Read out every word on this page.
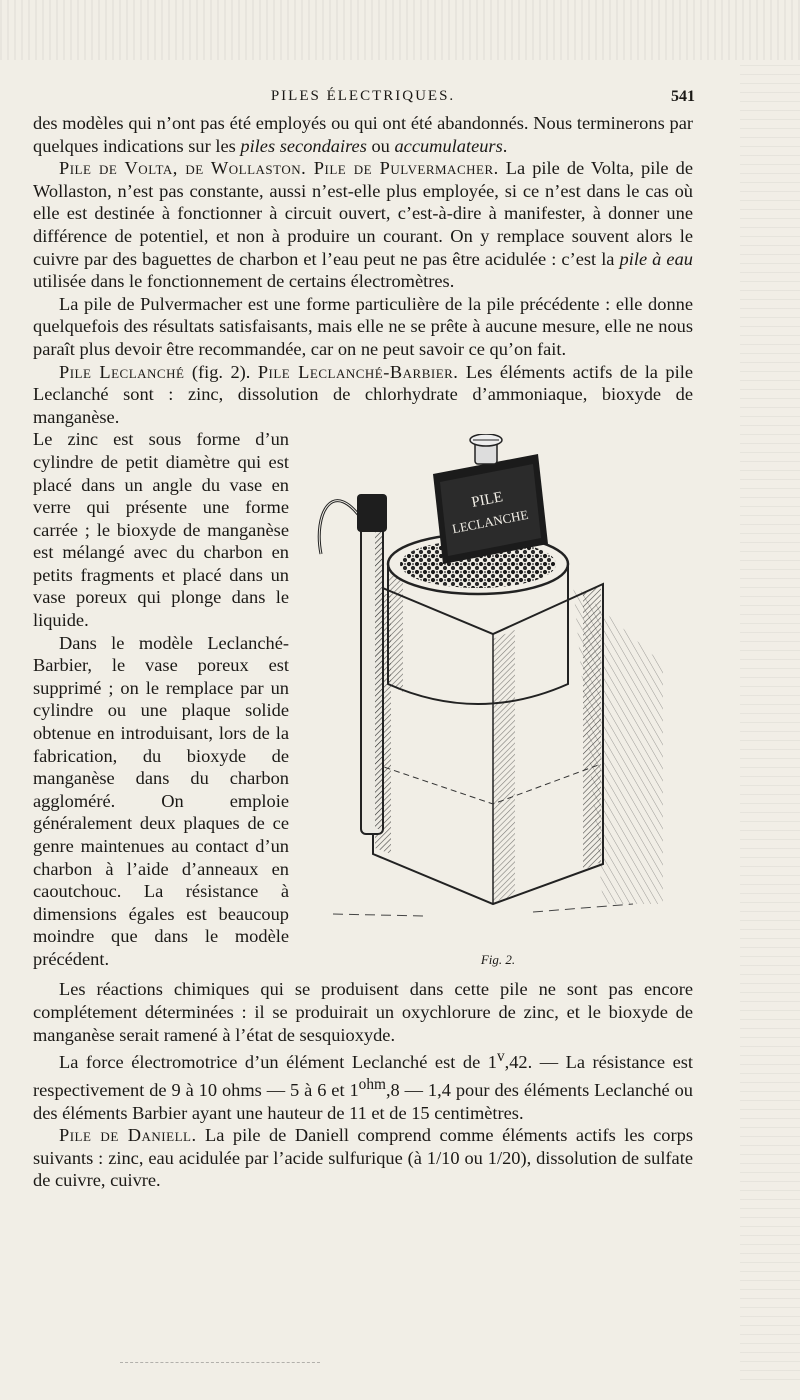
PILES ÉLECTRIQUES.	541

des modèles qui n’ont pas été employés ou qui ont été abandonnés. Nous terminerons par quelques indications sur les piles secondaires ou accumulateurs.

Pile de Volta, de Wollaston. Pile de Pulvermacher. La pile de Volta, pile de Wollaston, n’est pas constante, aussi n’est-elle plus employée, si ce n’est dans le cas où elle est destinée à fonctionner à circuit ouvert, c’est-à-dire à manifester, à donner une différence de potentiel, et non à produire un courant. On y remplace souvent alors le cuivre par des baguettes de charbon et l’eau peut ne pas être acidulée : c’est la pile à eau utilisée dans le fonctionnement de certains électromètres.

La pile de Pulvermacher est une forme particulière de la pile précédente : elle donne quelquefois des résultats satisfaisants, mais elle ne se prête à aucune mesure, elle ne nous paraît plus devoir être recommandée, car on ne peut savoir ce qu’on fait.

Pile Leclanché (fig. 2). Pile Leclanché-Barbier. Les éléments actifs de la pile Leclanché sont : zinc, dissolution de chlorhydrate d’ammoniaque, bioxyde de manganèse.

PILE
LECLANCHE
Fig. 2.

Le zinc est sous forme d’un cylindre de petit diamètre qui est placé dans un angle du vase en verre qui présente une forme carrée ; le bioxyde de manganèse est mélangé avec du charbon en petits fragments et placé dans un vase poreux qui plonge dans le liquide.

Dans le modèle Leclanché-Barbier, le vase poreux est supprimé ; on le remplace par un cylindre ou une plaque solide obtenue en introduisant, lors de la fabrication, du bioxyde de manganèse dans du charbon aggloméré. On emploie généralement deux plaques de ce genre maintenues au contact d’un charbon à l’aide d’anneaux en caoutchouc. La résistance à dimensions égales est beaucoup moindre que dans le modèle précédent.

Les réactions chimiques qui se produisent dans cette pile ne sont pas encore complétement déterminées : il se produirait un oxychlorure de zinc, et le bioxyde de manganèse serait ramené à l’état de sesquioxyde.

La force électromotrice d’un élément Leclanché est de 1$^v$,42. — La résistance est respectivement de 9 à 10 ohms — 5 à 6 et $1^{ohm},8$ — 1,4 pour des éléments Leclanché ou des éléments Barbier ayant une hauteur de 11 et de 15 centimètres.

Pile de Daniell. La pile de Daniell comprend comme éléments actifs les corps suivants : zinc, eau acidulée par l’acide sulfurique (à 1/10 ou 1/20), dissolution de sulfate de cuivre, cuivre.
